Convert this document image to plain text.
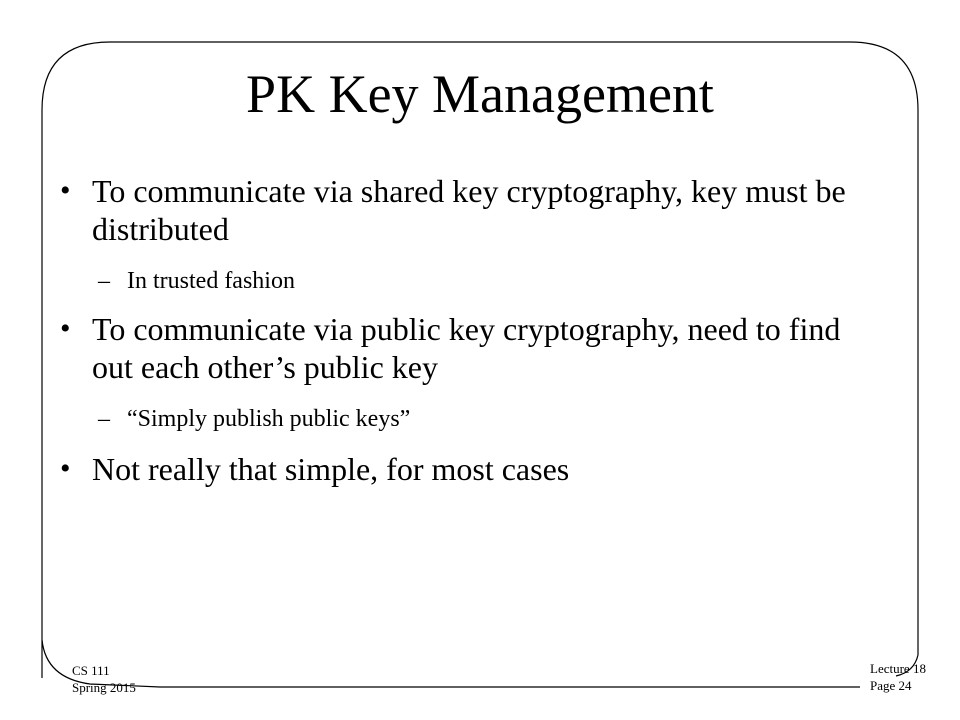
PK Key Management

• To communicate via shared key cryptography, key must be distributed

– In trusted fashion

• To communicate via public key cryptography, need to find out each other’s public key

– “Simply publish public keys”

• Not really that simple, for most cases

CS 111
Spring 2015
Lecture 18
Page 24
